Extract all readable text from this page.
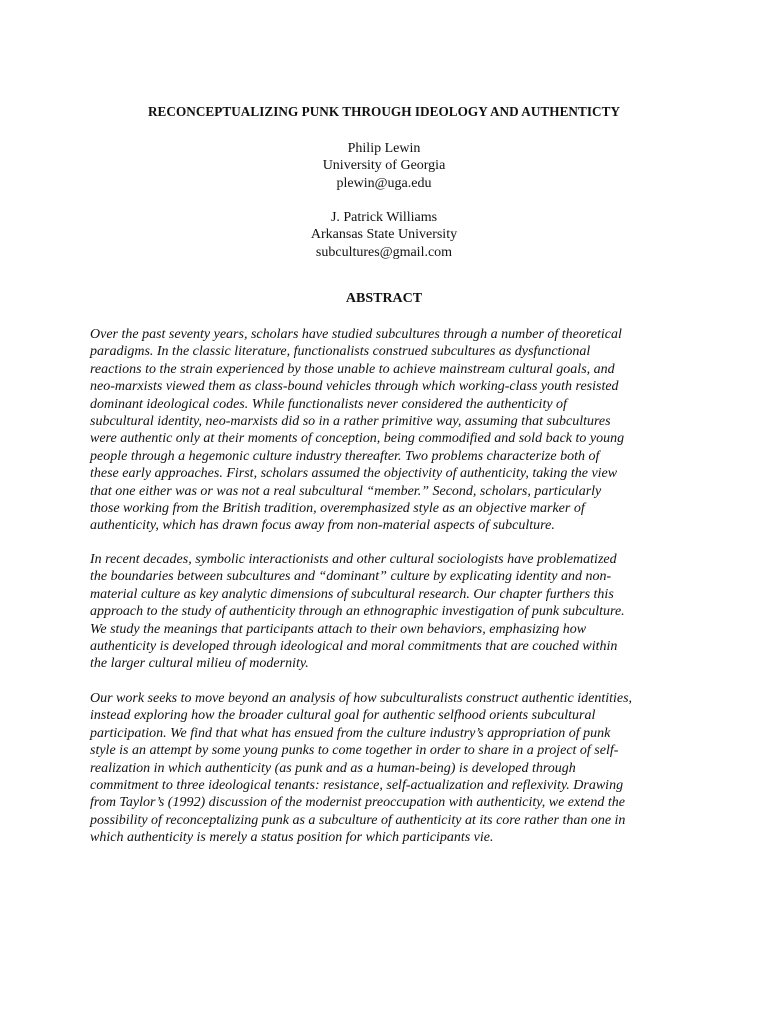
RECONCEPTUALIZING PUNK THROUGH IDEOLOGY AND AUTHENTICTY
Philip Lewin
University of Georgia
plewin@uga.edu
J. Patrick Williams
Arkansas State University
subcultures@gmail.com
ABSTRACT

Over the past seventy years, scholars have studied subcultures through a number of theoretical
paradigms. In the classic literature, functionalists construed subcultures as dysfunctional
reactions to the strain experienced by those unable to achieve mainstream cultural goals, and
neo-marxists viewed them as class-bound vehicles through which working-class youth resisted
dominant ideological codes. While functionalists never considered the authenticity of
subcultural identity, neo-marxists did so in a rather primitive way, assuming that subcultures
were authentic only at their moments of conception, being commodified and sold back to young
people through a hegemonic culture industry thereafter. Two problems characterize both of
these early approaches. First, scholars assumed the objectivity of authenticity, taking the view
that one either was or was not a real subcultural “member.” Second, scholars, particularly
those working from the British tradition, overemphasized style as an objective marker of
authenticity, which has drawn focus away from non-material aspects of subculture.

In recent decades, symbolic interactionists and other cultural sociologists have problematized
the boundaries between subcultures and “dominant” culture by explicating identity and non-
material culture as key analytic dimensions of subcultural research. Our chapter furthers this
approach to the study of authenticity through an ethnographic investigation of punk subculture.
We study the meanings that participants attach to their own behaviors, emphasizing how
authenticity is developed through ideological and moral commitments that are couched within
the larger cultural milieu of modernity.

Our work seeks to move beyond an analysis of how subculturalists construct authentic identities,
instead exploring how the broader cultural goal for authentic selfhood orients subcultural
participation. We find that what has ensued from the culture industry’s appropriation of punk
style is an attempt by some young punks to come together in order to share in a project of self-
realization in which authenticity (as punk and as a human-being) is developed through
commitment to three ideological tenants: resistance, self-actualization and reflexivity. Drawing
from Taylor’s (1992) discussion of the modernist preoccupation with authenticity, we extend the
possibility of reconceptalizing punk as a subculture of authenticity at its core rather than one in
which authenticity is merely a status position for which participants vie.
